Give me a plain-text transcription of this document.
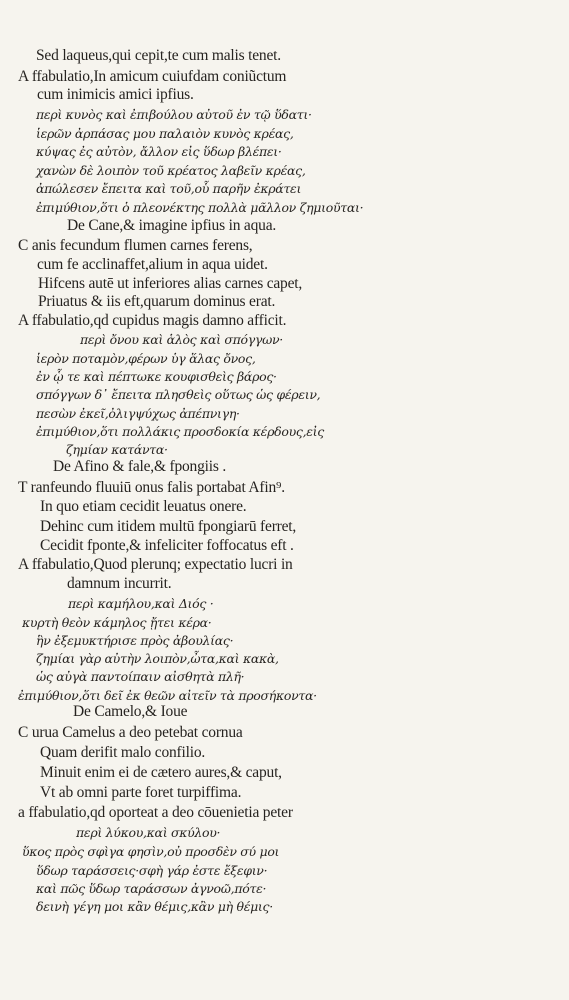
Sed laqueus,qui cepit,te cum malis tenet.
A ffabulatio,In amicum cuiufdam coniũctum
cum inimicis amici ipfius.
περὶ κυνὸς καὶ ἐπιβούλου αὐτοῦ ἐν τῷ ὕδατι·
ἱερῶν ἀρπάσας μου παλαιὸν κυνὸς κρέας,
κύψας ἐς αὐτὸν, ἄλλον εἰς ὕδωρ βλέπει·
χανὼν δὲ λοιπὸν τοῦ κρέατος λαβεῖν κρέας,
ἀπώλεσεν ἔπειτα καὶ τοῦ,οὗ παρῆν ἐκράτει
ἐπιμύθιον,ὅτι ὁ πλεονέκτης πολλὰ μᾶλλον ζημιοῦται·
De Cane,& imagine ipfius in aqua.
C anis fecundum flumen carnes ferens,
cum fe acclinaffet,alium in aqua uidet.
Hifcens autē ut inferiores alias carnes capet,
Priuatus & iis eft,quarum dominus erat.
A ffabulatio,qd cupidus magis damno afficit.
περὶ ὄνου καὶ ἁλὸς καὶ σπόγγων·
ἱερὸν ποταμὸν,φέρων ὑγ ἅλας ὄνος,
ἐν ᾧ τε καὶ πέπτωκε κουφισθεὶς βάρος·
σπόγγων δ᾽ ἔπειτα πλησθεὶς οὕτως ὡς φέρειν,
πεσὼν ἐκεῖ,ὀλιγψύχως ἀπέπνιγη·
ἐπιμύθιον,ὅτι πολλάκις προσδοκία κέρδους,εἰς
ζημίαν κατάντα·
De Afino & fale,& fpongiis .
T ranfeundo fluuiū onus falis portabat Afin⁹.
In quo etiam cecidit leuatus onere.
Dehinc cum itidem multū fpongiarū ferret,
Cecidit fponte,& infeliciter foffocatus eft .
A ffabulatio,Quod plerunq; expectatio lucri in
damnum incurrit.
περὶ καμήλου,καὶ Διός ·
κυρτὴ θεὸν κάμηλος ᾔτει κέρα·
ἣν ἐξεμυκτήρισε πρὸς ἀβουλίας·
ζημίαι γὰρ αὐτὴν λοιπὸν,ὦτα,καὶ κακὰ,
ὡς αὐγὰ παντοίπαιν αἰσθητὰ πλῆ·
ἐπιμύθιον,ὅτι δεῖ ἐκ θεῶν αἰτεῖν τὰ προσήκοντα·
De Camelo,& Ioue
C urua Camelus a deo petebat cornua
Quam derifit malo confilio.
Minuit enim ei de cætero aures,& caput,
Vt ab omni parte foret turpiffima.
a ffabulatio,qd oporteat a deo cōuenietia peter
περὶ λύκου,καὶ σκύλου·
ὕκος πρὸς σφὶγα φησὶν,οὐ προσδὲν σύ μοι
ὕδωρ ταράσσεις·σφὴ γάρ ἐστε ἔξεφιν·
καὶ πῶς ὕδωρ ταράσσων ἀγνοῶ,πότε·
δεινὴ γέγη μοι κἂν θέμις,κἂν μὴ θέμις·
